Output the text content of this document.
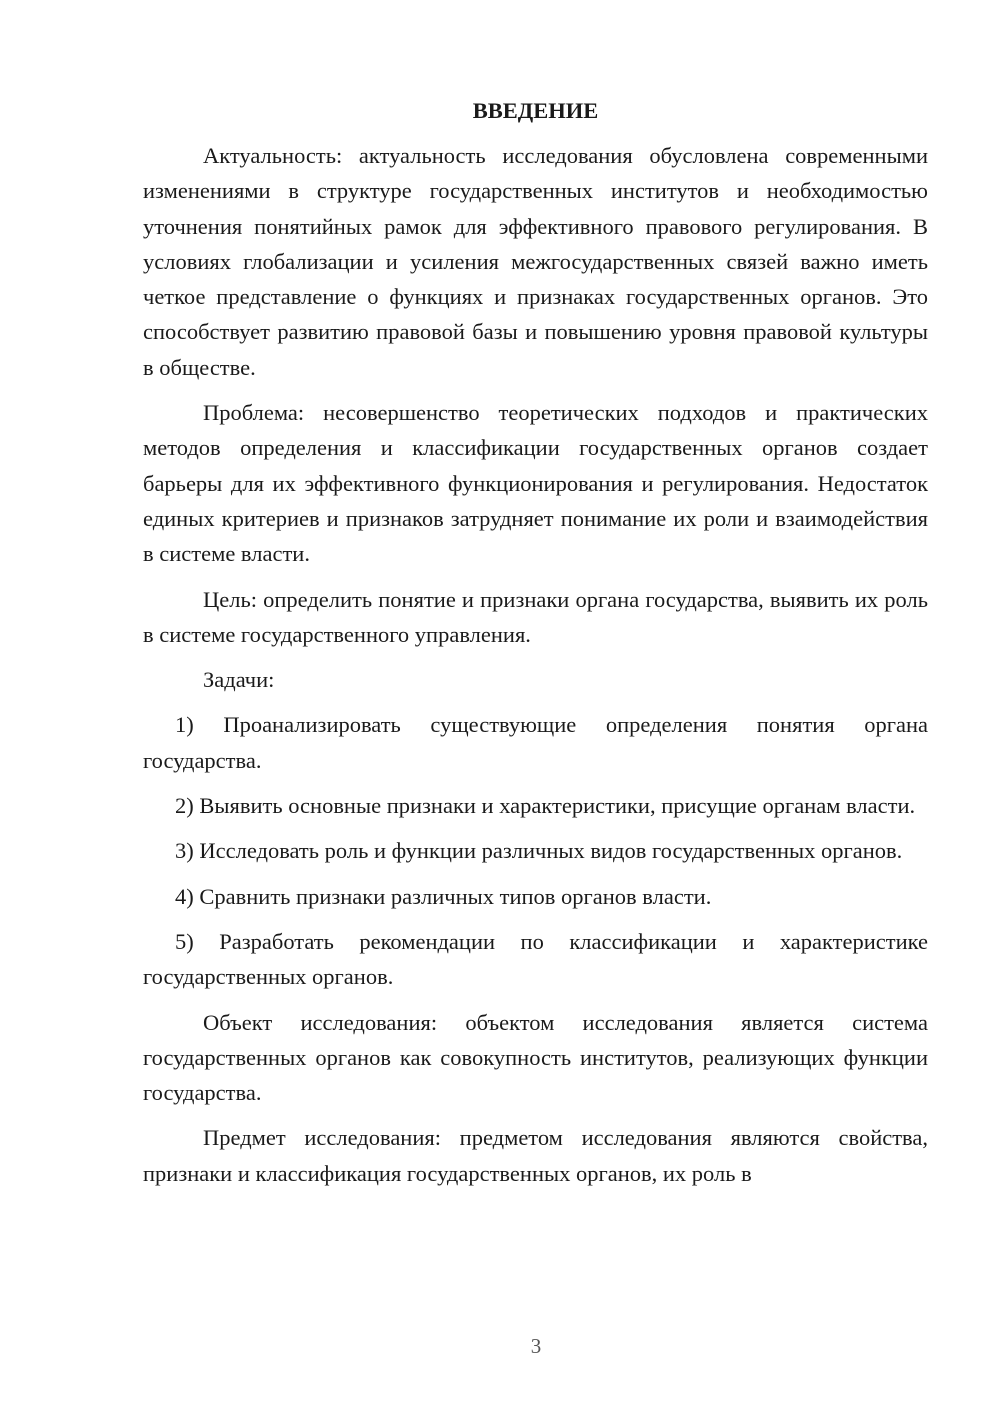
ВВЕДЕНИЕ

Актуальность: актуальность исследования обусловлена современными изменениями в структуре государственных институтов и необходимостью уточнения понятийных рамок для эффективного правового регулирования. В условиях глобализации и усиления межгосударственных связей важно иметь четкое представление о функциях и признаках государственных органов. Это способствует развитию правовой базы и повышению уровня правовой культуры в обществе.

Проблема: несовершенство теоретических подходов и практических методов определения и классификации государственных органов создает барьеры для их эффективного функционирования и регулирования. Недостаток единых критериев и признаков затрудняет понимание их роли и взаимодействия в системе власти.

Цель: определить понятие и признаки органа государства, выявить их роль в системе государственного управления.

Задачи:

1) Проанализировать существующие определения понятия органа государства.

2) Выявить основные признаки и характеристики, присущие органам власти.

3) Исследовать роль и функции различных видов государственных органов.

4) Сравнить признаки различных типов органов власти.

5) Разработать рекомендации по классификации и характеристике государственных органов.

Объект исследования: объектом исследования является система государственных органов как совокупность институтов, реализующих функции государства.

Предмет исследования: предметом исследования являются свойства, признаки и классификация государственных органов, их роль в

3
